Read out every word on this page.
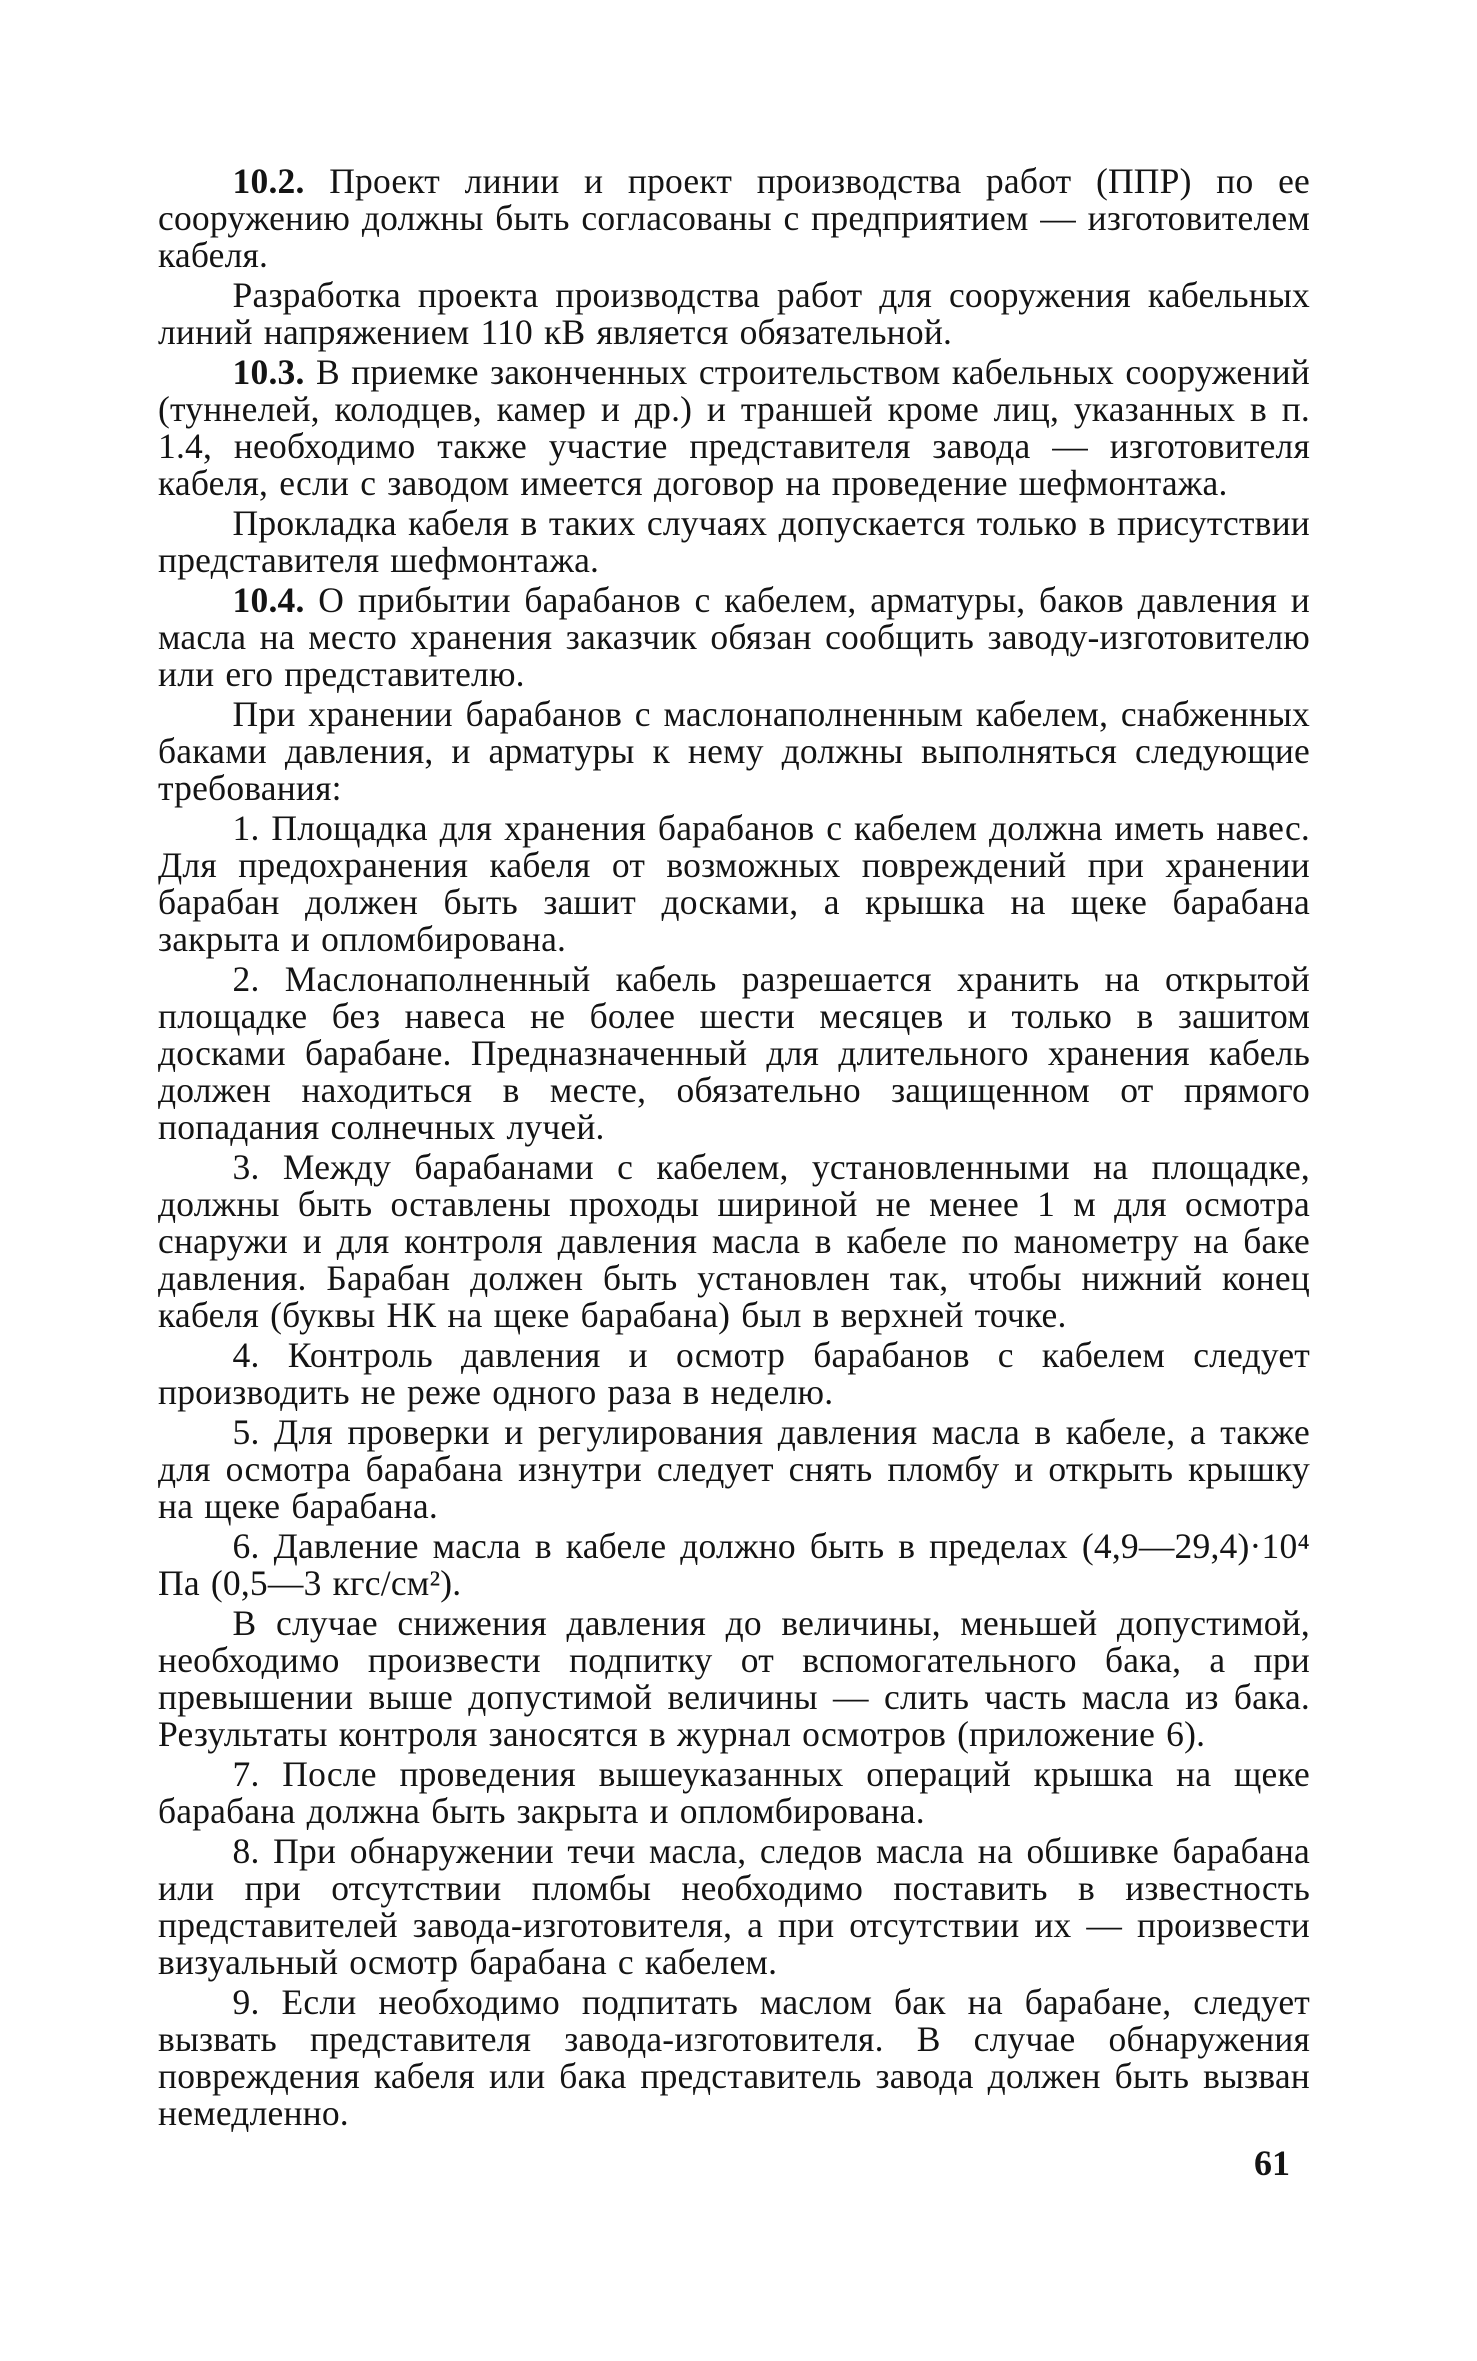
10.2. Проект линии и проект производства работ (ППР) по ее сооружению должны быть согласованы с предприятием — изготовителем кабеля.

Разработка проекта производства работ для сооружения кабельных линий напряжением 110 кВ является обязательной.

10.3. В приемке законченных строительством кабельных сооружений (туннелей, колодцев, камер и др.) и траншей кроме лиц, указанных в п. 1.4, необходимо также участие представителя завода — изготовителя кабеля, если с заводом имеется договор на проведение шефмонтажа.

Прокладка кабеля в таких случаях допускается только в присутствии представителя шефмонтажа.

10.4. О прибытии барабанов с кабелем, арматуры, баков давления и масла на место хранения заказчик обязан сообщить заводу-изготовителю или его представителю.

При хранении барабанов с маслонаполненным кабелем, снабженных баками давления, и арматуры к нему должны выполняться следующие требования:

1. Площадка для хранения барабанов с кабелем должна иметь навес. Для предохранения кабеля от возможных повреждений при хранении барабан должен быть зашит досками, а крышка на щеке барабана закрыта и опломбирована.

2. Маслонаполненный кабель разрешается хранить на открытой площадке без навеса не более шести месяцев и только в зашитом досками барабане. Предназначенный для длительного хранения кабель должен находиться в месте, обязательно защищенном от прямого попадания солнечных лучей.

3. Между барабанами с кабелем, установленными на площадке, должны быть оставлены проходы шириной не менее 1 м для осмотра снаружи и для контроля давления масла в кабеле по манометру на баке давления. Барабан должен быть установлен так, чтобы нижний конец кабеля (буквы НК на щеке барабана) был в верхней точке.

4. Контроль давления и осмотр барабанов с кабелем следует производить не реже одного раза в неделю.

5. Для проверки и регулирования давления масла в кабеле, а также для осмотра барабана изнутри следует снять пломбу и открыть крышку на щеке барабана.

6. Давление масла в кабеле должно быть в пределах (4,9—29,4)·10⁴ Па (0,5—3 кгс/см²).

В случае снижения давления до величины, меньшей допустимой, необходимо произвести подпитку от вспомогательного бака, а при превышении выше допустимой величины — слить часть масла из бака. Результаты контроля заносятся в журнал осмотров (приложение 6).

7. После проведения вышеуказанных операций крышка на щеке барабана должна быть закрыта и опломбирована.

8. При обнаружении течи масла, следов масла на обшивке барабана или при отсутствии пломбы необходимо поставить в известность представителей завода-изготовителя, а при отсутствии их — произвести визуальный осмотр барабана с кабелем.

9. Если необходимо подпитать маслом бак на барабане, следует вызвать представителя завода-изготовителя. В случае обнаружения повреждения кабеля или бака представитель завода должен быть вызван немедленно.

61
